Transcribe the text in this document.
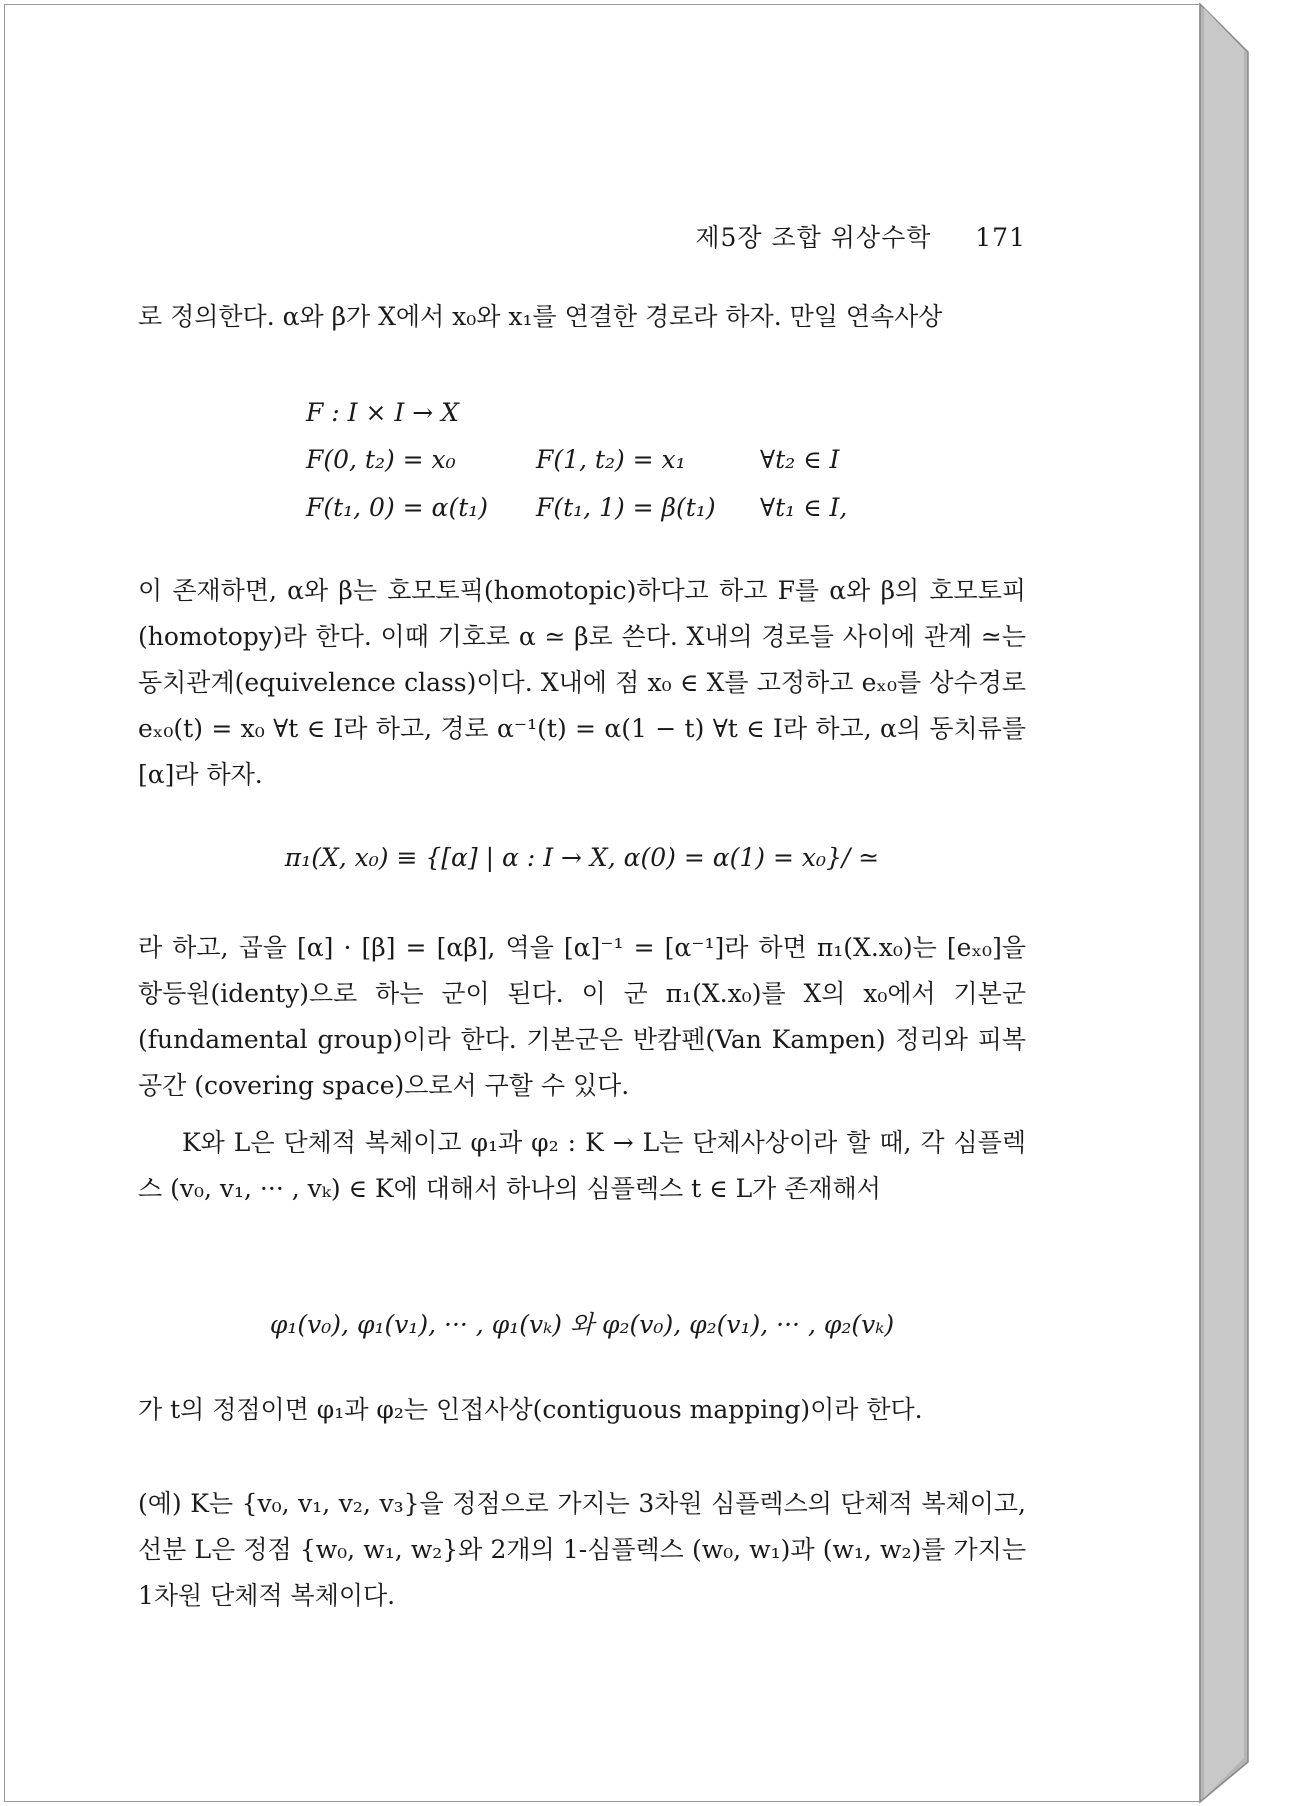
제5장 조합 위상수학 171
로 정의한다. α와 β가 X에서 x₀와 x₁를 연결한 경로라 하자. 만일 연속사상
F : I × I → X
F(0, t₂) = x₀	F(1, t₂) = x₁	∀t₂ ∈ I
F(t₁, 0) = α(t₁) F(t₁, 1) = β(t₁) ∀t₁ ∈ I,
이 존재하면, α와 β는 호모토픽(homotopic)하다고 하고 F를 α와 β의 호모토피(homotopy)라 한다. 이때 기호로 α ≃ β로 쓴다. X내의 경로들 사이에 관계 ≃는 동치관계(equivelence class)이다. X내에 점 x₀ ∈ X를 고정하고 eₓ₀를 상수경로 eₓ₀(t) = x₀ ∀t ∈ I라 하고, 경로 α⁻¹(t) = α(1 − t) ∀t ∈ I라 하고, α의 동치류를 [α]라 하자.
π₁(X, x₀) ≡ {[α] | α : I → X, α(0) = α(1) = x₀}/ ≃
라 하고, 곱을 [α] · [β] = [αβ], 역을 [α]⁻¹ = [α⁻¹]라 하면 π₁(X.x₀)는 [eₓ₀]을 항등원(identy)으로 하는 군이 된다. 이 군 π₁(X.x₀)를 X의 x₀에서 기본군(fundamental group)이라 한다. 기본군은 반캄펜(Van Kampen) 정리와 피복공간 (covering space)으로서 구할 수 있다.
K와 L은 단체적 복체이고 φ₁과 φ₂ : K → L는 단체사상이라 할 때, 각 심플렉스 (v₀, v₁, ··· , vₖ) ∈ K에 대해서 하나의 심플렉스 t ∈ L가 존재해서
φ₁(v₀), φ₁(v₁), ··· , φ₁(vₖ) 와 φ₂(v₀), φ₂(v₁), ··· , φ₂(vₖ)
가 t의 정점이면 φ₁과 φ₂는 인접사상(contiguous mapping)이라 한다.
(예) K는 {v₀, v₁, v₂, v₃}을 정점으로 가지는 3차원 심플렉스의 단체적 복체이고, 선분 L은 정점 {w₀, w₁, w₂}와 2개의 1-심플렉스 (w₀, w₁)과 (w₁, w₂)를 가지는 1차원 단체적 복체이다.
